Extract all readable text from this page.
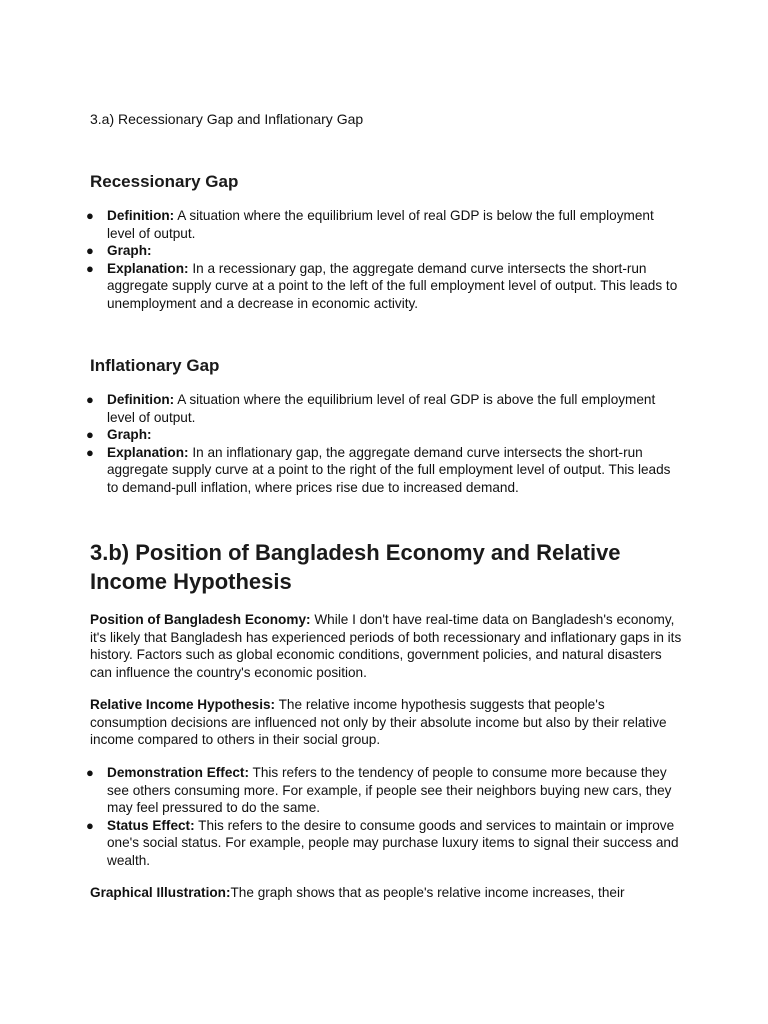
3.a) Recessionary Gap and Inflationary Gap
Recessionary Gap
● Definition: A situation where the equilibrium level of real GDP is below the full employment level of output.
● Graph:
● Explanation: In a recessionary gap, the aggregate demand curve intersects the short-run aggregate supply curve at a point to the left of the full employment level of output. This leads to unemployment and a decrease in economic activity.
Inflationary Gap
● Definition: A situation where the equilibrium level of real GDP is above the full employment level of output.
● Graph:
● Explanation: In an inflationary gap, the aggregate demand curve intersects the short-run aggregate supply curve at a point to the right of the full employment level of output. This leads to demand-pull inflation, where prices rise due to increased demand.
3.b) Position of Bangladesh Economy and Relative Income Hypothesis
Position of Bangladesh Economy: While I don't have real-time data on Bangladesh's economy, it's likely that Bangladesh has experienced periods of both recessionary and inflationary gaps in its history. Factors such as global economic conditions, government policies, and natural disasters can influence the country's economic position.
Relative Income Hypothesis: The relative income hypothesis suggests that people's consumption decisions are influenced not only by their absolute income but also by their relative income compared to others in their social group.
● Demonstration Effect: This refers to the tendency of people to consume more because they see others consuming more. For example, if people see their neighbors buying new cars, they may feel pressured to do the same.
● Status Effect: This refers to the desire to consume goods and services to maintain or improve one's social status. For example, people may purchase luxury items to signal their success and wealth.
Graphical Illustration:The graph shows that as people's relative income increases, their
